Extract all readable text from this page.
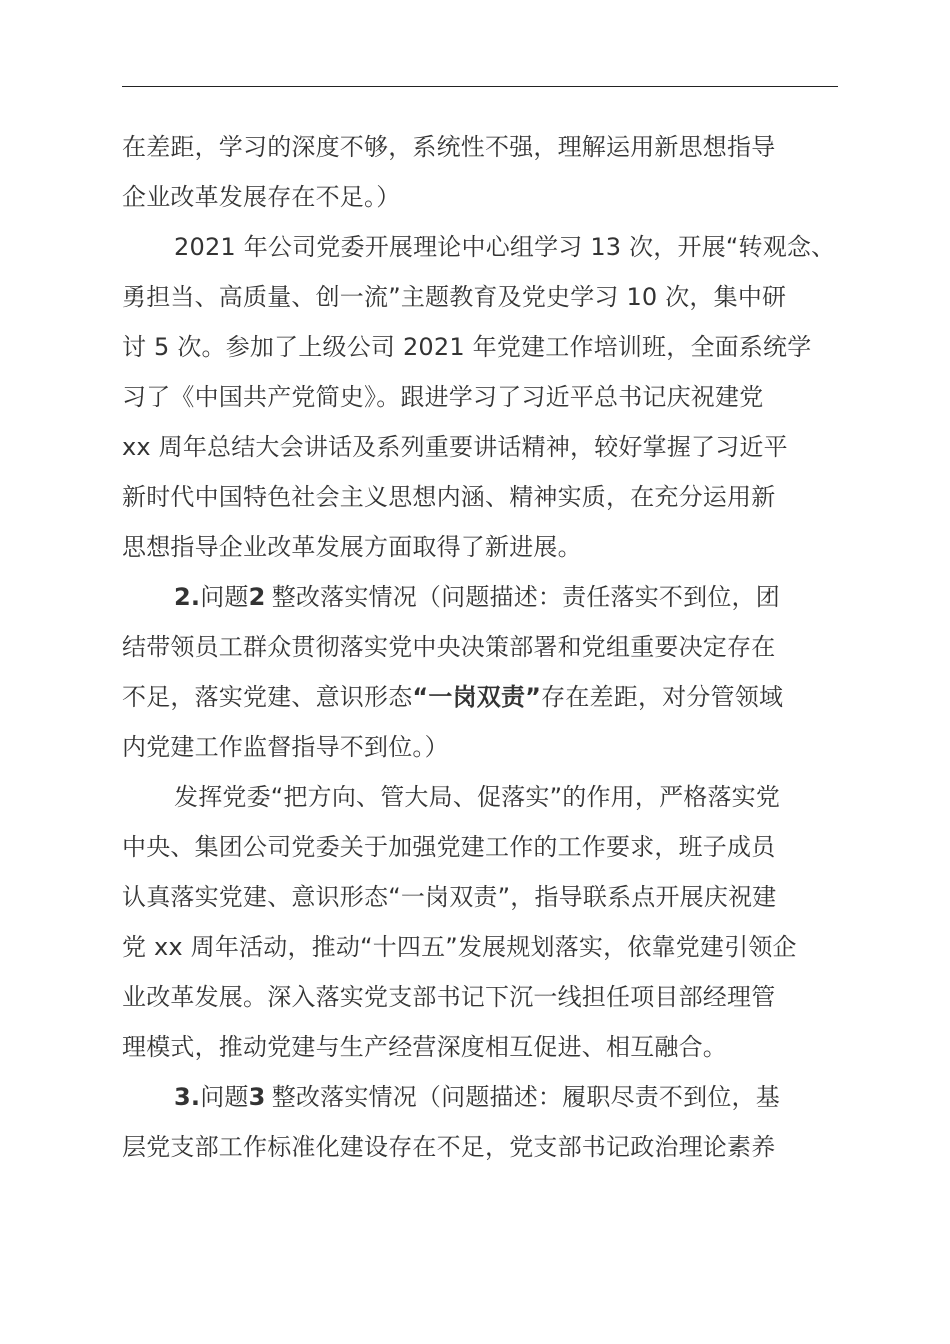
在差距，学习的深度不够，系统性不强，理解运用新思想指导
企业改革发展存在不足。）
2021 年公司党委开展理论中心组学习 13 次，开展“转观念、
勇担当、高质量、创一流”主题教育及党史学习 10 次，集中研
讨 5 次。参加了上级公司 2021 年党建工作培训班，全面系统学
习了《中国共产党简史》。跟进学习了习近平总书记庆祝建党
xx 周年总结大会讲话及系列重要讲话精神，较好掌握了习近平
新时代中国特色社会主义思想内涵、精神实质，在充分运用新
思想指导企业改革发展方面取得了新进展。
2.问题2  整改落实情况（问题描述：责任落实不到位，团
结带领员工群众贯彻落实党中央决策部署和党组重要决定存在
不足，落实党建、意识形态“一岗双责”存在差距，对分管领域
内党建工作监督指导不到位。）
发挥党委“把方向、管大局、促落实”的作用，严格落实党
中央、集团公司党委关于加强党建工作的工作要求，班子成员
认真落实党建、意识形态“一岗双责”，指导联系点开展庆祝建
党 xx 周年活动，推动“十四五”发展规划落实，依靠党建引领企
业改革发展。深入落实党支部书记下沉一线担任项目部经理管
理模式，推动党建与生产经营深度相互促进、相互融合。
3.问题3  整改落实情况（问题描述：履职尽责不到位，基
层党支部工作标准化建设存在不足，党支部书记政治理论素养
